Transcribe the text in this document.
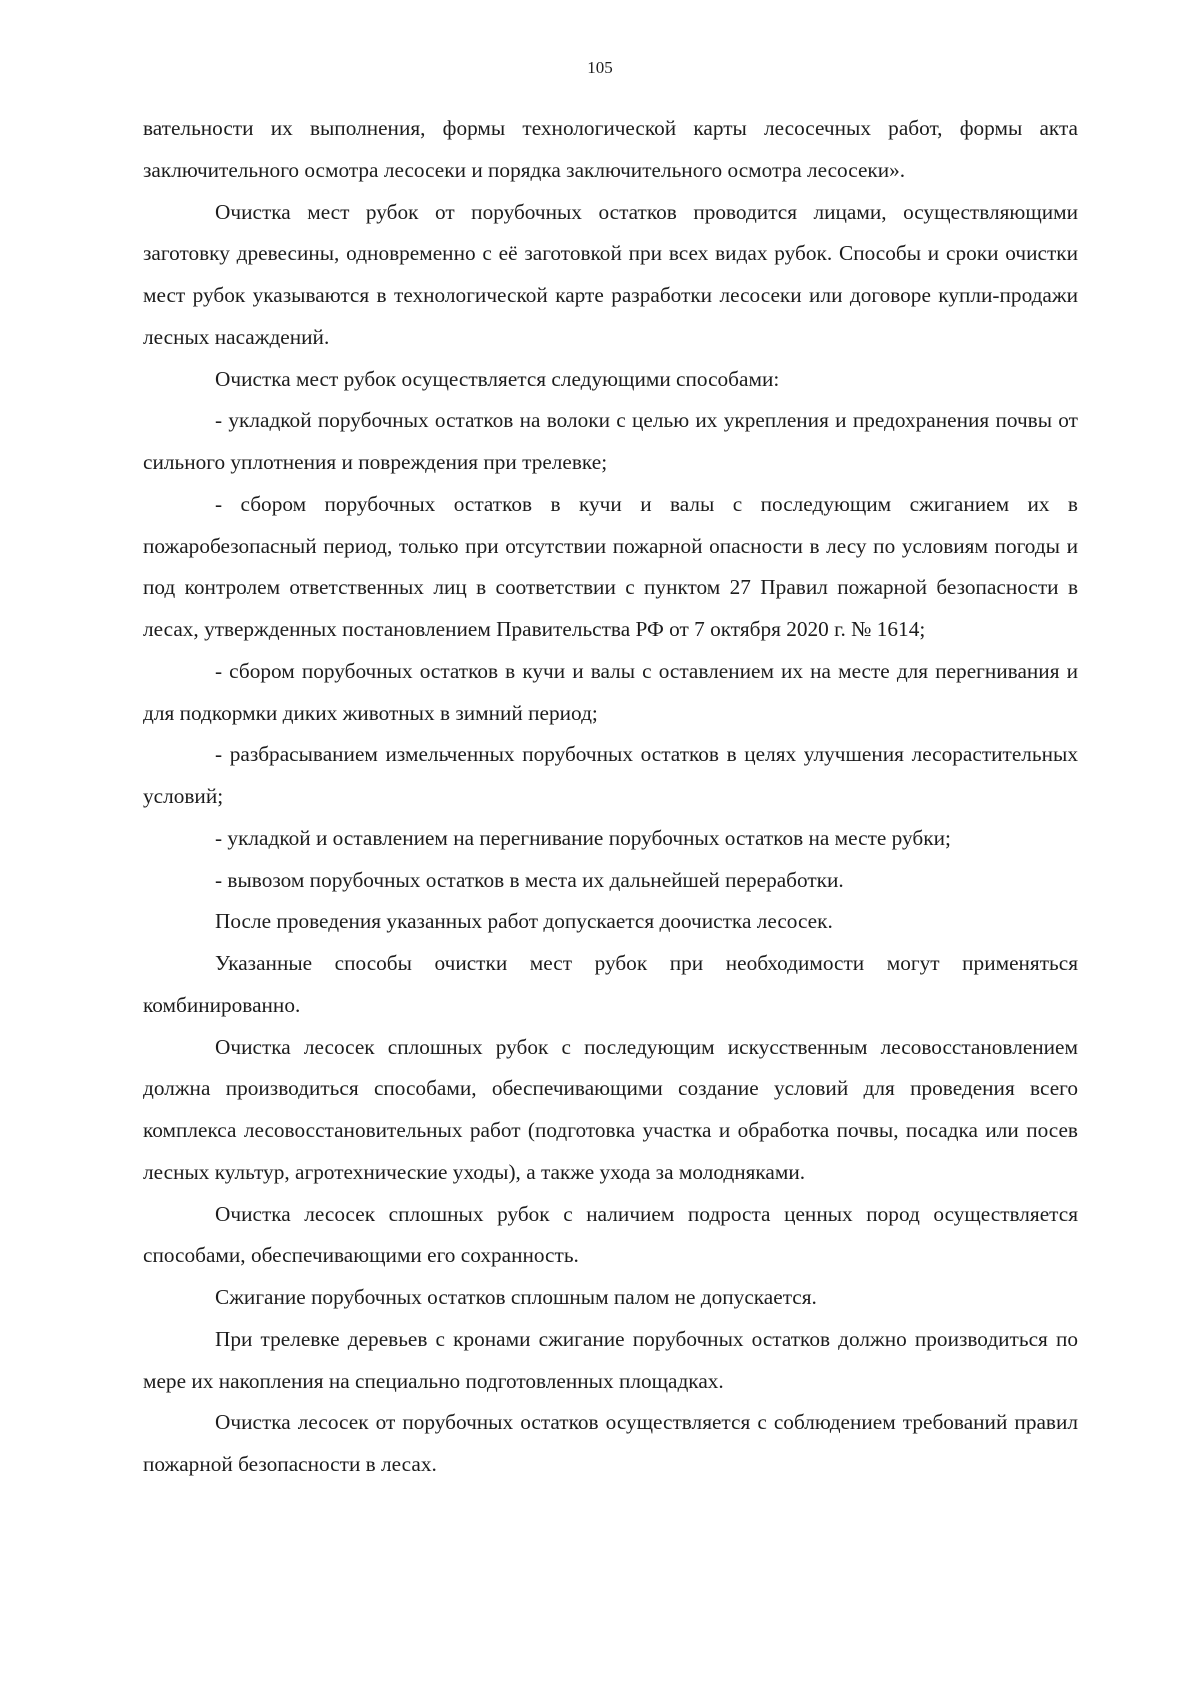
105

вательности их выполнения, формы технологической карты лесосечных работ, формы акта заключительного осмотра лесосеки и порядка заключительного осмотра лесосеки».

Очистка мест рубок от порубочных остатков проводится лицами, осуществляющими заготовку древесины, одновременно с её заготовкой при всех видах рубок. Способы и сроки очистки мест рубок указываются в технологической карте разработки лесосеки или договоре купли-продажи лесных насаждений.

Очистка мест рубок осуществляется следующими способами:

- укладкой порубочных остатков на волоки с целью их укрепления и предохранения почвы от сильного уплотнения и повреждения при трелевке;

- сбором порубочных остатков в кучи и валы с последующим сжиганием их в пожаробезопасный период, только при отсутствии пожарной опасности в лесу по условиям погоды и под контролем ответственных лиц в соответствии с пунктом 27 Правил пожарной безопасности в лесах, утвержденных постановлением Правительства РФ от 7 октября 2020 г. № 1614;

- сбором порубочных остатков в кучи и валы с оставлением их на месте для перегнивания и для подкормки диких животных в зимний период;

- разбрасыванием измельченных порубочных остатков в целях улучшения лесорастительных условий;

- укладкой и оставлением на перегнивание порубочных остатков на месте рубки;

- вывозом порубочных остатков в места их дальнейшей переработки.

После проведения указанных работ допускается доочистка лесосек.

Указанные способы очистки мест рубок при необходимости могут применяться комбинированно.

Очистка лесосек сплошных рубок с последующим искусственным лесовосстановлением должна производиться способами, обеспечивающими создание условий для проведения всего комплекса лесовосстановительных работ (подготовка участка и обработка почвы, посадка или посев лесных культур, агротехнические уходы), а также ухода за молодняками.

Очистка лесосек сплошных рубок с наличием подроста ценных пород осуществляется способами, обеспечивающими его сохранность.

Сжигание порубочных остатков сплошным палом не допускается.

При трелевке деревьев с кронами сжигание порубочных остатков должно производиться по мере их накопления на специально подготовленных площадках.

Очистка лесосек от порубочных остатков осуществляется с соблюдением требований правил пожарной безопасности в лесах.
